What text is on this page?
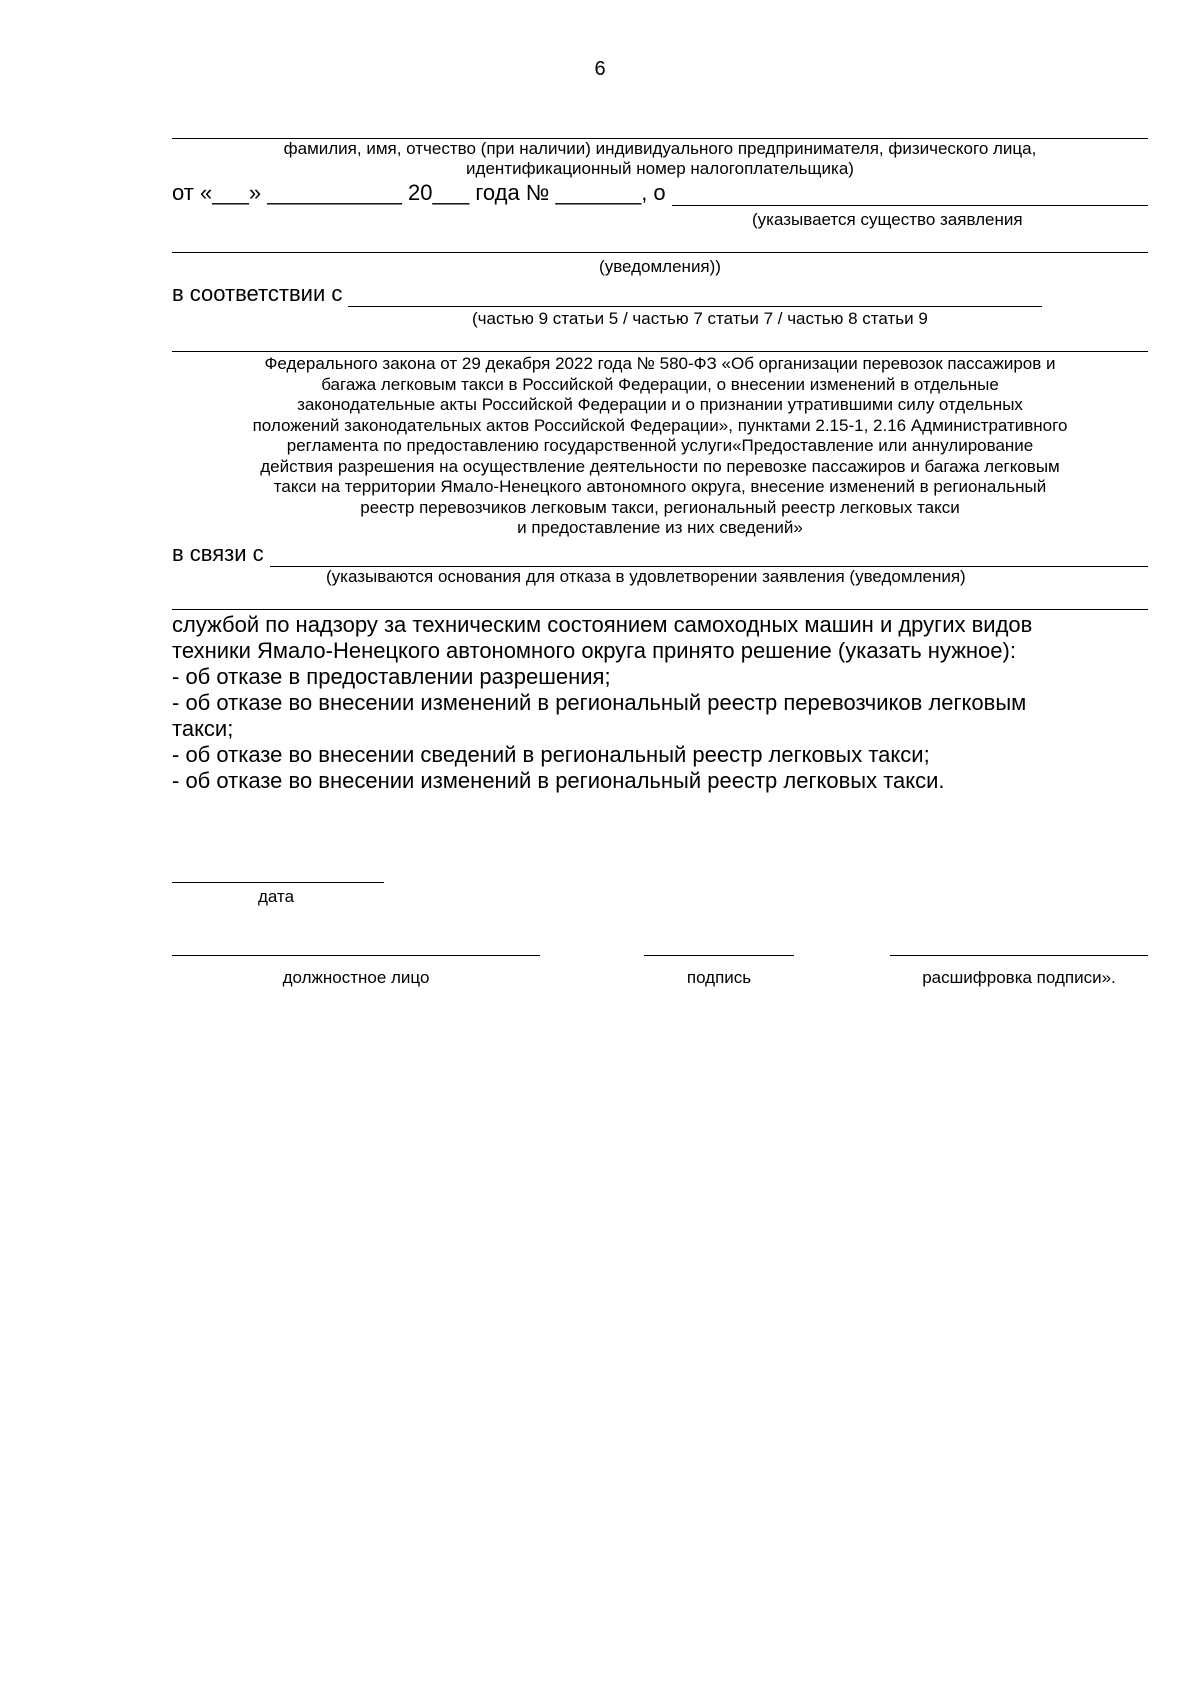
6
фамилия, имя, отчество (при наличии) индивидуального предпринимателя, физического лица,
идентификационный номер налогоплательщика)
от « ___ »
___________
20 ___
года №
_______ , о

(указывается существо заявления
(уведомления))
в соответствии с

(частью 9 статьи 5 / частью 7 статьи 7 / частью 8 статьи 9
Федерального закона от 29 декабря 2022 года № 580-ФЗ «Об организации перевозок пассажиров и
багажа легковым такси в Российской Федерации, о внесении изменений в отдельные
законодательные акты Российской Федерации и о признании утратившими силу отдельных
положений законодательных актов Российской Федерации», пунктами 2.15-1, 2.16 Административного
регламента по предоставлению государственной услуги«Предоставление или аннулирование
действия разрешения на осуществление деятельности по перевозке пассажиров и багажа легковым
такси на территории Ямало-Ненецкого автономного округа, внесение изменений в региональный
реестр перевозчиков легковым такси, региональный реестр легковых такси
и предоставление из них сведений»
в связи с

(указываются основания для отказа в удовлетворении заявления (уведомления)

службой по надзору за техническим состоянием самоходных машин и других видов

техники Ямало-Ненецкого автономного округа принято решение (указать нужное):

- об отказе в предоставлении разрешения;

- об отказе во внесении изменений в региональный реестр перевозчиков легковым

такси;

- об отказе во внесении сведений в региональный реестр легковых такси;

- об отказе во внесении изменений в региональный реестр легковых такси.

дата
должностное лицо	подпись	расшифровка подписи».
